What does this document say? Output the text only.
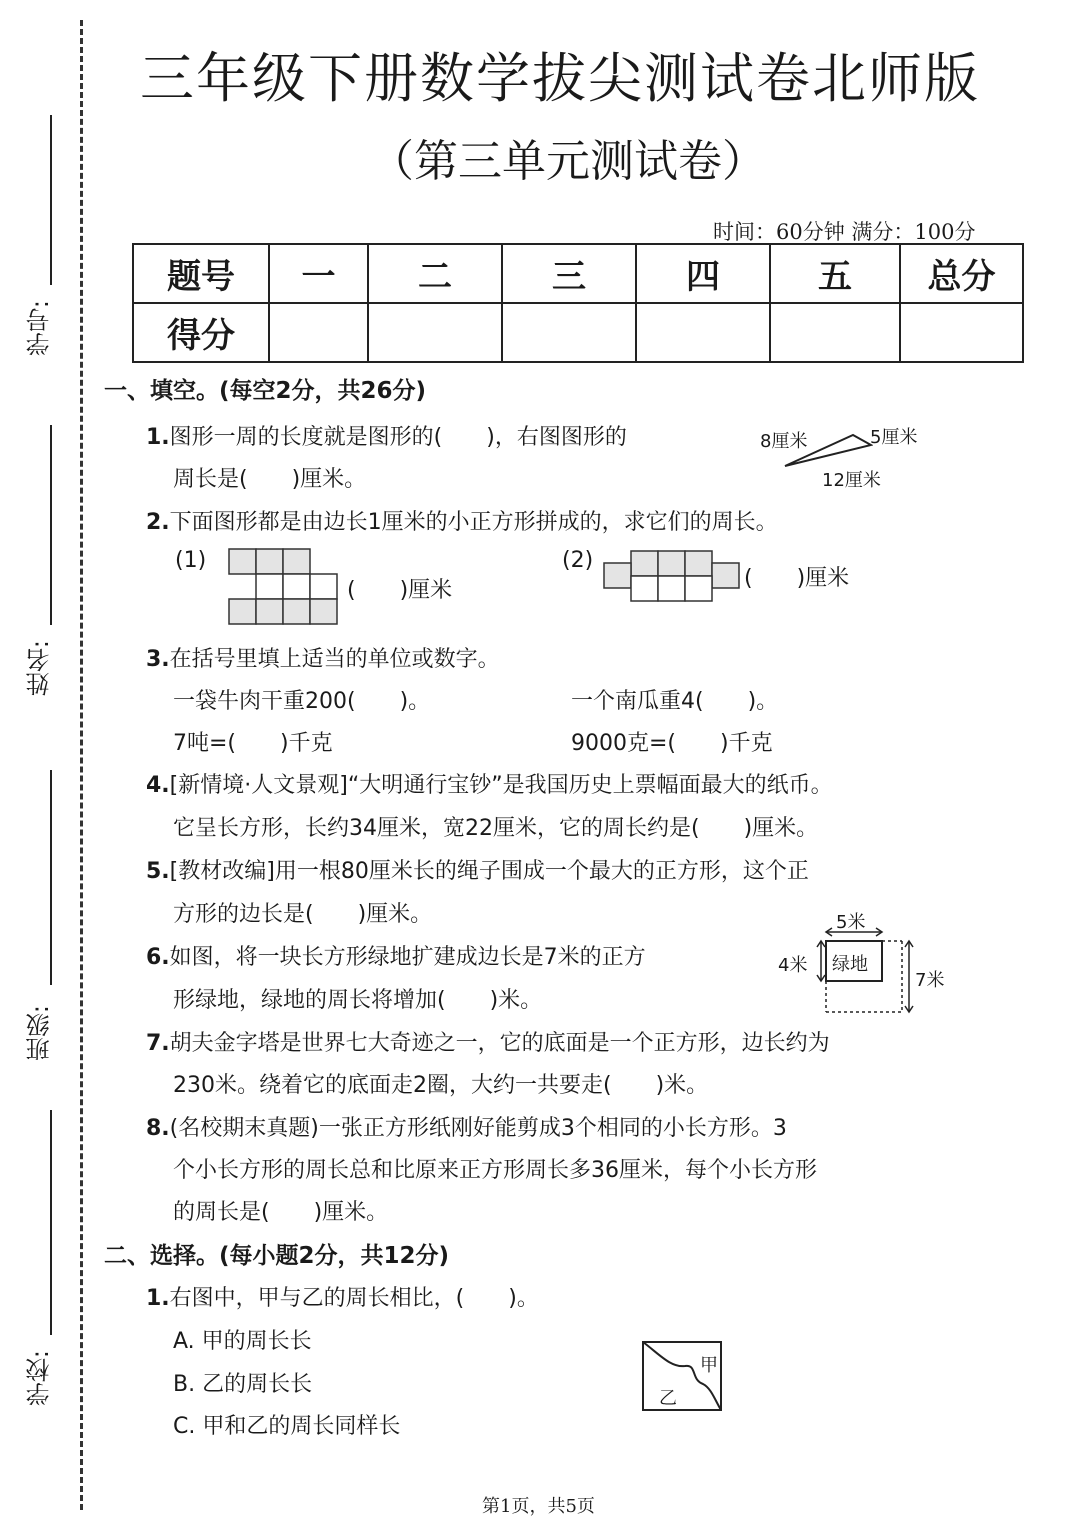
学号:
姓名:
班级:
学校:
三年级下册数学拔尖测试卷北师版
（第三单元测试卷）
时间：60分钟 满分：100分
题号	一	二	三	四	五	总分
得分						
一、填空。(每空2分，共26分)
1.图形一周的长度就是图形的(　　)，右图图形的
周长是(　　)厘米。
8厘米	5厘米
12厘米
2.下面图形都是由边长1厘米的小正方形拼成的，求它们的周长。
(1)
(　　)厘米
(2)
(　　)厘米
3.在括号里填上适当的单位或数字。
一袋牛肉干重200(　　)。	一个南瓜重4(　　)。
7吨=(　　)千克	9000克=(　　)千克
4.[新情境·人文景观]“大明通行宝钞”是我国历史上票幅面最大的纸币。
它呈长方形，长约34厘米，宽22厘米，它的周长约是(　　)厘米。
5.[教材改编]用一根80厘米长的绳子围成一个最大的正方形，这个正
方形的边长是(　　)厘米。
6.如图，将一块长方形绿地扩建成边长是7米的正方
形绿地，绿地的周长将增加(　　)米。
5米
4米 绿地
7米
7.胡夫金字塔是世界七大奇迹之一，它的底面是一个正方形，边长约为
230米。绕着它的底面走2圈，大约一共要走(　　)米。
8.(名校期末真题)一张正方形纸刚好能剪成3个相同的小长方形。3
个小长方形的周长总和比原来正方形周长多36厘米，每个小长方形
的周长是(　　)厘米。
二、选择。(每小题2分，共12分)
1.右图中，甲与乙的周长相比，(　　)。
A. 甲的周长长
B. 乙的周长长
C. 甲和乙的周长同样长
甲
乙
第1页，共5页
